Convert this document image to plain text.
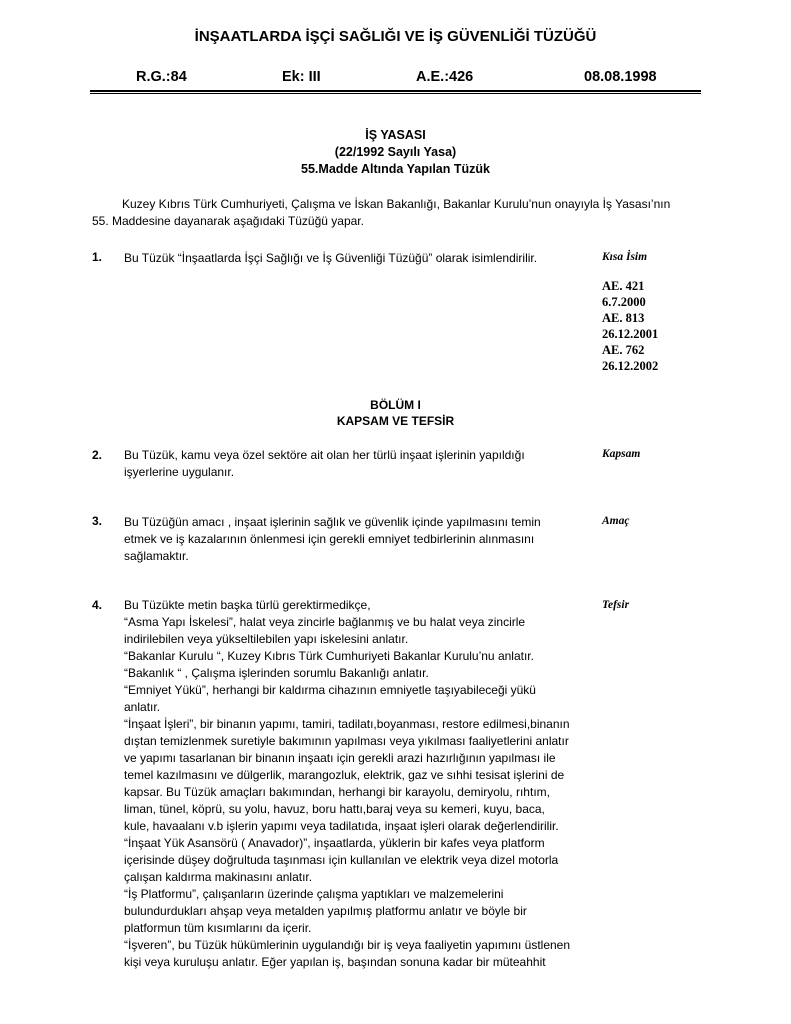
İNŞAATLARDA İŞÇİ SAĞLIĞI VE İŞ GÜVENLİĞİ TÜZÜĞÜ
R.G.:84	Ek: III	A.E.:426	08.08.1998
İŞ YASASI
(22/1992 Sayılı Yasa)
55.Madde Altında Yapılan Tüzük
Kuzey Kıbrıs Türk Cumhuriyeti, Çalışma ve İskan Bakanlığı, Bakanlar Kurulu’nun onayıyla İş Yasası’nın
55. Maddesine dayanarak aşağıdaki Tüzüğü yapar.
1. Bu Tüzük “İnşaatlarda İşçi Sağlığı ve İş Güvenliği Tüzüğü” olarak isimlendirilir.	Kısa İsim
AE. 421
6.7.2000
AE. 813
26.12.2001
AE. 762
26.12.2002
BÖLÜM I
KAPSAM VE TEFSİR
2. Bu Tüzük, kamu veya özel sektöre ait olan her türlü inşaat işlerinin yapıldığı
işyerlerine uygulanır.
Kapsam
3. Bu Tüzüğün amacı , inşaat işlerinin sağlık ve güvenlik içinde yapılmasını temin
etmek ve iş kazalarının önlenmesi için gerekli emniyet tedbirlerinin alınmasını
sağlamaktır.
Amaç
4. Bu Tüzükte metin başka türlü gerektirmedikçe,
“Asma Yapı İskelesi”, halat veya zincirle bağlanmış ve bu halat veya zincirle
indirilebilen veya yükseltilebilen yapı iskelesini anlatır.
“Bakanlar Kurulu “, Kuzey Kıbrıs Türk Cumhuriyeti Bakanlar Kurulu’nu anlatır.
“Bakanlık “ , Çalışma işlerinden sorumlu Bakanlığı anlatır.
“Emniyet Yükü”, herhangi bir kaldırma cihazının emniyetle taşıyabileceği yükü
anlatır.
“İnşaat İşleri”, bir binanın yapımı, tamiri, tadilatı,boyanması, restore edilmesi,binanın
dıştan temizlenmek suretiyle bakımının yapılması veya yıkılması faaliyetlerini anlatır
ve yapımı tasarlanan bir binanın inşaatı için gerekli arazi hazırlığının yapılması ile
temel kazılmasını ve dülgerlik, marangozluk, elektrik, gaz ve sıhhi tesisat işlerini de
kapsar. Bu Tüzük amaçları bakımından, herhangi bir karayolu, demiryolu, rıhtım,
liman, tünel, köprü, su yolu, havuz, boru hattı,baraj veya su kemeri, kuyu, baca,
kule, havaalanı v.b işlerin yapımı veya tadilatıda, inşaat işleri olarak değerlendirilir.
“İnşaat Yük Asansörü ( Anavador)”, inşaatlarda, yüklerin bir kafes veya platform
içerisinde düşey doğrultuda taşınması için kullanılan ve elektrik veya dizel motorla
çalışan kaldırma makinasını anlatır.
“İş Platformu”, çalışanların üzerinde çalışma yaptıkları ve malzemelerini
bulundurdukları ahşap veya metalden yapılmış platformu anlatır ve böyle bir
platformun tüm kısımlarını da içerir.
“İşveren”, bu Tüzük hükümlerinin uygulandığı bir iş veya faaliyetin yapımını üstlenen
kişi veya kuruluşu anlatır. Eğer yapılan iş, başından sonuna kadar bir müteahhit
Tefsir
